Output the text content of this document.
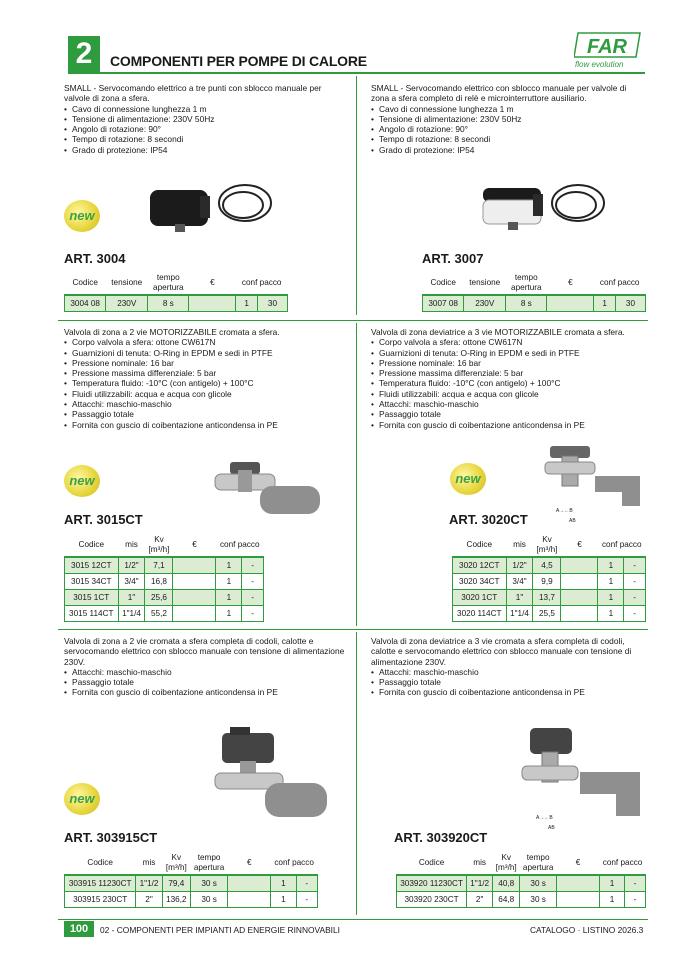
2	COMPONENTI PER POMPE DI CALORE
FAR
flow evolution

SMALL - Servocomando elettrico a tre punti con sblocco manuale per valvole di zona a sfera.

• Cavo di connessione lunghezza 1 m
• Tensione di alimentazione: 230V 50Hz
• Angolo di rotazione: 90°
• Tempo di rotazione: 8 secondi
• Grado di protezione: IP54
new
ART. 3004
Codice	tensione	tempo
apertura	€	conf pacco	
3004 08	230V	8 s		1	30

SMALL - Servocomando elettrico con sblocco manuale per valvole di zona a sfera completo di relè e microinterruttore ausiliario.

• Cavo di connessione lunghezza 1 m
• Tensione di alimentazione: 230V 50Hz
• Angolo di rotazione: 90°
• Tempo di rotazione: 8 secondi
• Grado di protezione: IP54
ART. 3007
Codice	tensione	tempo
apertura	€	conf pacco	
3007 08	230V	8 s		1	30

Valvola di zona a 2 vie MOTORIZZABILE cromata a sfera.

• Corpo valvola a sfera: ottone CW617N
• Guarnizioni di tenuta: O-Ring in EPDM e sedi in PTFE
• Pressione nominale: 16 bar
• Pressione massima differenziale: 5 bar
• Temperatura fluido: -10°C (con antigelo) + 100°C
• Fluidi utilizzabili: acqua e acqua con glicole
• Attacchi: maschio-maschio
• Passaggio totale
• Fornita con guscio di coibentazione anticondensa in PE
new
ART. 3015CT
Codice	mis	Kv
[m³/h]	€	conf pacco	
3015 12CT	1/2"	7,1		1	-
3015 34CT	3/4"	16,8		1	-
3015 1CT	1"	25,6		1	-
3015 114CT	1"1/4	55,2		1	-

Valvola di zona deviatrice a 3 vie MOTORIZZABILE cromata a sfera.

• Corpo valvola a sfera: ottone CW617N
• Guarnizioni di tenuta: O-Ring in EPDM e sedi in PTFE
• Pressione nominale: 16 bar
• Pressione massima differenziale: 5 bar
• Temperatura fluido: -10°C (con antigelo) + 100°C
• Fluidi utilizzabili: acqua e acqua con glicole
• Attacchi: maschio-maschio
• Passaggio totale
• Fornita con guscio di coibentazione anticondensa in PE
new
A→←B
AB
ART. 3020CT
Codice	mis	Kv
[m³/h]	€	conf pacco	
3020 12CT	1/2"	4,5		1	-
3020 34CT	3/4"	9,9		1	-
3020 1CT	1"	13,7		1	-
3020 114CT	1"1/4	25,5		1	-

Valvola di zona a 2 vie cromata a sfera completa di codoli, calotte e servocomando elettrico con sblocco manuale con tensione di alimentazione 230V.

• Attacchi: maschio-maschio
• Passaggio totale
• Fornita con guscio di coibentazione anticondensa in PE
new
ART. 303915CT
Codice	mis	Kv
[m³/h]	tempo
apertura	€	conf pacco	
303915 11230CT	1"1/2	79,4	30 s		1	-
303915 230CT	2"	136,2	30 s		1	-

Valvola di zona deviatrice a 3 vie cromata a sfera completa di codoli, calotte e servocomando elettrico con sblocco manuale con tensione di alimentazione 230V.

• Attacchi: maschio-maschio
• Passaggio totale
• Fornita con guscio di coibentazione anticondensa in PE
A→←B
AB
ART. 303920CT
Codice	mis	Kv
[m³/h]	tempo
apertura	€	conf pacco	
303920 11230CT	1"1/2	40,8	30 s		1	-
303920 230CT	2"	64,8	30 s		1	-
100	02 - COMPONENTI PER IMPIANTI AD ENERGIE RINNOVABILI	CATALOGO · LISTINO 2026.3
